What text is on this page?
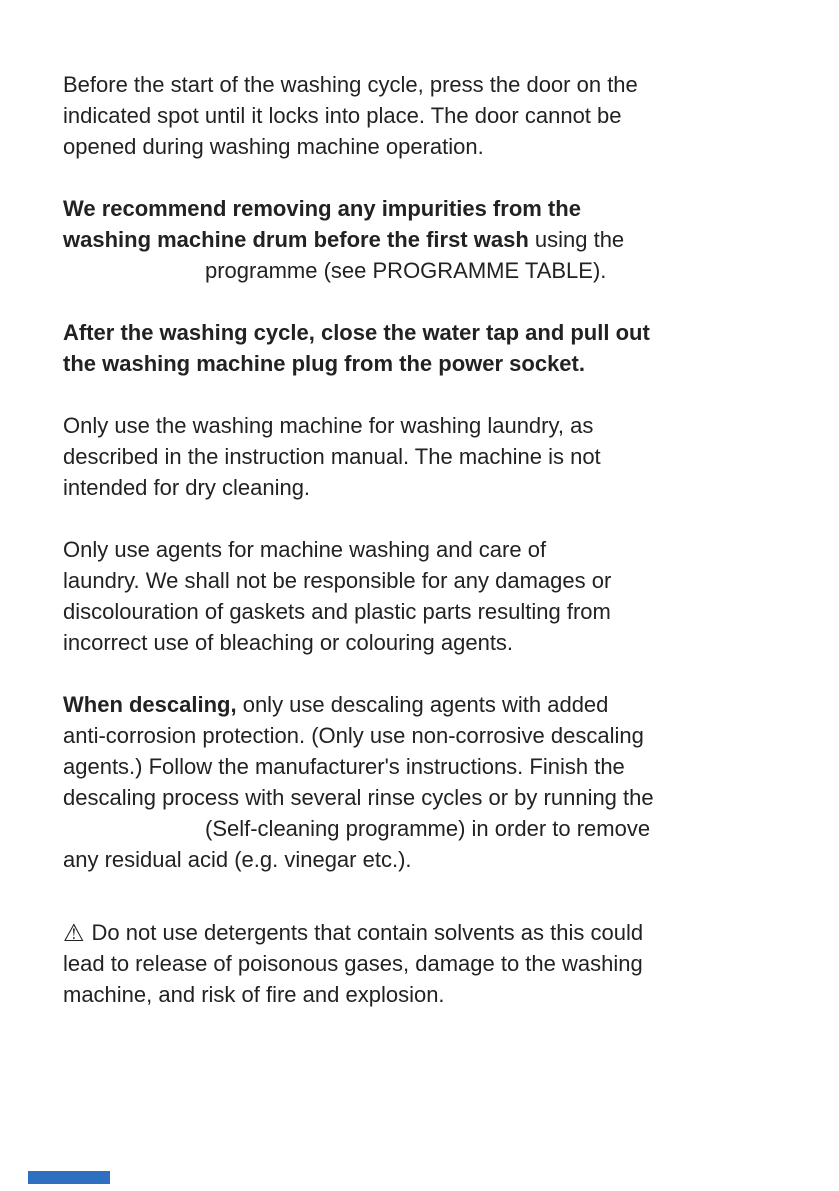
Before the start of the washing cycle, press the door on the
indicated spot until it locks into place. The door cannot be
opened during washing machine operation.
We recommend removing any impurities from the
washing machine drum before the first wash using the
programme (see PROGRAMME TABLE).
After the washing cycle, close the water tap and pull out
the washing machine plug from the power socket.
Only use the washing machine for washing laundry, as
described in the instruction manual. The machine is not
intended for dry cleaning.
Only use agents for machine washing and care of
laundry. We shall not be responsible for any damages or
discolouration of gaskets and plastic parts resulting from
incorrect use of bleaching or colouring agents.
When descaling, only use descaling agents with added
anti-corrosion protection. (Only use non-corrosive descaling
agents.) Follow the manufacturer's instructions. Finish the
descaling process with several rinse cycles or by running the
(Self-cleaning programme) in order to remove
any residual acid (e.g. vinegar etc.).
⚠ Do not use detergents that contain solvents as this could
lead to release of poisonous gases, damage to the washing
machine, and risk of fire and explosion.
